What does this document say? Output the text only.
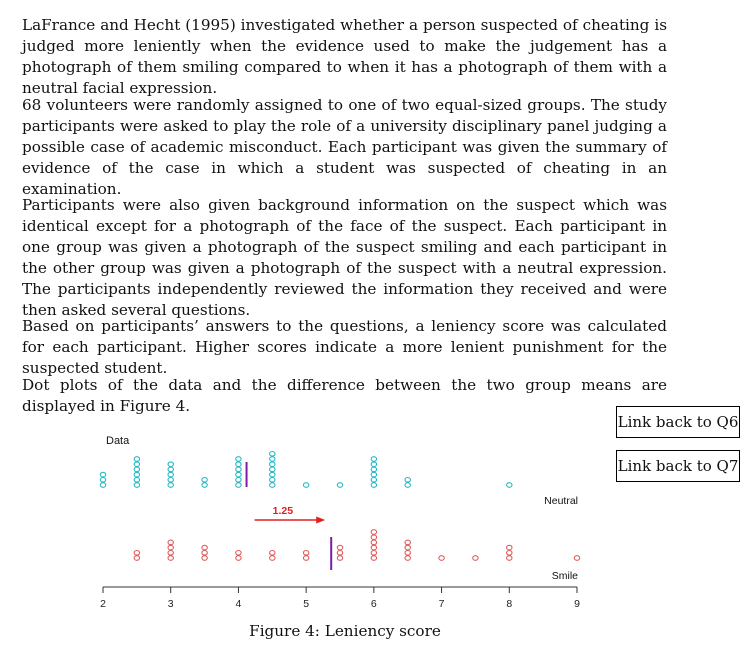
LaFrance and Hecht (1995) investigated whether a person suspected of cheating is judged more leniently when the evidence used to make the judgement has a photograph of them smiling compared to when it has a photograph of them with a neutral facial expression.

68 volunteers were randomly assigned to one of two equal-sized groups. The study participants were asked to play the role of a university disciplinary panel judging a possible case of academic misconduct. Each participant was given the summary of evidence of the case in which a student was suspected of cheating in an examination.

Participants were also given background information on the suspect which was identical except for a photograph of the face of the suspect. Each participant in one group was given a photograph of the suspect smiling and each participant in the other group was given a photograph of the suspect with a neutral expression. The participants independently reviewed the information they received and were then asked several questions.

Based on participants’ answers to the questions, a leniency score was calculated for each participant. Higher scores indicate a more lenient punishment for the suspected student.

Dot plots of the data and the difference between the two group means are displayed in Figure 4.

Link back to Q6
Link back to Q7
Data
1.25
Neutral
Smile
2	3	4	5	6	7	8	9
Figure 4: Leniency score
